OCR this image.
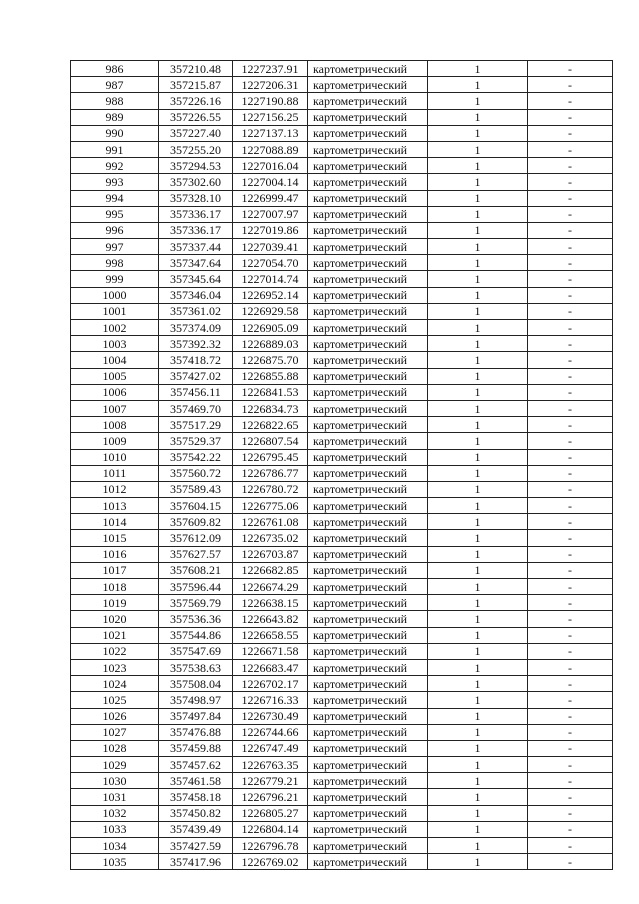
986	357210.48	1227237.91	картометрический	1	-
987	357215.87	1227206.31	картометрический	1	-
988	357226.16	1227190.88	картометрический	1	-
989	357226.55	1227156.25	картометрический	1	-
990	357227.40	1227137.13	картометрический	1	-
991	357255.20	1227088.89	картометрический	1	-
992	357294.53	1227016.04	картометрический	1	-
993	357302.60	1227004.14	картометрический	1	-
994	357328.10	1226999.47	картометрический	1	-
995	357336.17	1227007.97	картометрический	1	-
996	357336.17	1227019.86	картометрический	1	-
997	357337.44	1227039.41	картометрический	1	-
998	357347.64	1227054.70	картометрический	1	-
999	357345.64	1227014.74	картометрический	1	-
1000	357346.04	1226952.14	картометрический	1	-
1001	357361.02	1226929.58	картометрический	1	-
1002	357374.09	1226905.09	картометрический	1	-
1003	357392.32	1226889.03	картометрический	1	-
1004	357418.72	1226875.70	картометрический	1	-
1005	357427.02	1226855.88	картометрический	1	-
1006	357456.11	1226841.53	картометрический	1	-
1007	357469.70	1226834.73	картометрический	1	-
1008	357517.29	1226822.65	картометрический	1	-
1009	357529.37	1226807.54	картометрический	1	-
1010	357542.22	1226795.45	картометрический	1	-
1011	357560.72	1226786.77	картометрический	1	-
1012	357589.43	1226780.72	картометрический	1	-
1013	357604.15	1226775.06	картометрический	1	-
1014	357609.82	1226761.08	картометрический	1	-
1015	357612.09	1226735.02	картометрический	1	-
1016	357627.57	1226703.87	картометрический	1	-
1017	357608.21	1226682.85	картометрический	1	-
1018	357596.44	1226674.29	картометрический	1	-
1019	357569.79	1226638.15	картометрический	1	-
1020	357536.36	1226643.82	картометрический	1	-
1021	357544.86	1226658.55	картометрический	1	-
1022	357547.69	1226671.58	картометрический	1	-
1023	357538.63	1226683.47	картометрический	1	-
1024	357508.04	1226702.17	картометрический	1	-
1025	357498.97	1226716.33	картометрический	1	-
1026	357497.84	1226730.49	картометрический	1	-
1027	357476.88	1226744.66	картометрический	1	-
1028	357459.88	1226747.49	картометрический	1	-
1029	357457.62	1226763.35	картометрический	1	-
1030	357461.58	1226779.21	картометрический	1	-
1031	357458.18	1226796.21	картометрический	1	-
1032	357450.82	1226805.27	картометрический	1	-
1033	357439.49	1226804.14	картометрический	1	-
1034	357427.59	1226796.78	картометрический	1	-
1035	357417.96	1226769.02	картометрический	1	-
